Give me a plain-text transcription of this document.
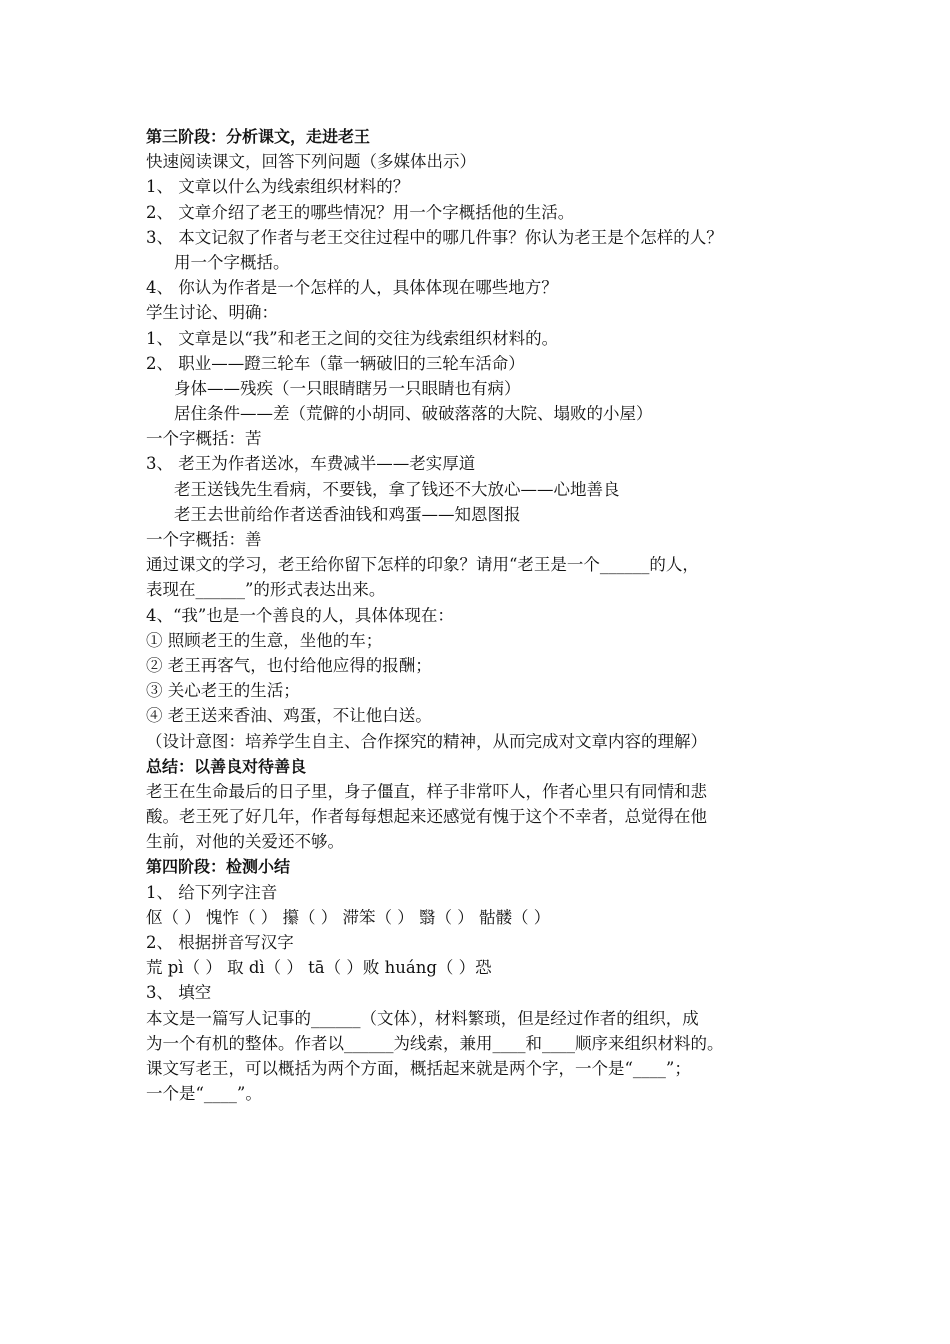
第三阶段：分析课文，走进老王
快速阅读课文，回答下列问题（多媒体出示）
1、 文章以什么为线索组织材料的？
2、 文章介绍了老王的哪些情况？用一个字概括他的生活。
3、 本文记叙了作者与老王交往过程中的哪几件事？你认为老王是个怎样的人？
用一个字概括。
4、 你认为作者是一个怎样的人，具体体现在哪些地方？
学生讨论、明确：
1、 文章是以“我”和老王之间的交往为线索组织材料的。
2、 职业——蹬三轮车（靠一辆破旧的三轮车活命）
身体——残疾（一只眼睛瞎另一只眼睛也有病）
居住条件——差（荒僻的小胡同、破破落落的大院、塌败的小屋）
一个字概括：苦
3、 老王为作者送冰，车费减半——老实厚道
老王送钱先生看病，不要钱，拿了钱还不大放心——心地善良
老王去世前给作者送香油钱和鸡蛋——知恩图报
一个字概括：善
通过课文的学习，老王给你留下怎样的印象？请用“老王是一个______的人，
表现在______”的形式表达出来。
4、“我”也是一个善良的人，具体体现在：
① 照顾老王的生意，坐他的车；
② 老王再客气，也付给他应得的报酬；
③ 关心老王的生活；
④ 老王送来香油、鸡蛋，不让他白送。
（设计意图：培养学生自主、合作探究的精神，从而完成对文章内容的理解）
总结：以善良对待善良
老王在生命最后的日子里，身子僵直，样子非常吓人，作者心里只有同情和悲
酸。老王死了好几年，作者每每想起来还感觉有愧于这个不幸者，总觉得在他
生前，对他的关爱还不够。
第四阶段：检测小结
1、 给下列字注音
伛（ ） 愧怍（ ） 攥（ ） 滞笨（ ） 翳（ ） 骷髅（ ）
2、 根据拼音写汉字
荒 pì（ ） 取 dì（ ） tā（ ）败 huáng（ ）恐
3、 填空
本文是一篇写人记事的______（文体），材料繁琐，但是经过作者的组织，成
为一个有机的整体。作者以______为线索，兼用____和____顺序来组织材料的。
课文写老王，可以概括为两个方面，概括起来就是两个字，一个是“____”；
一个是“____”。
